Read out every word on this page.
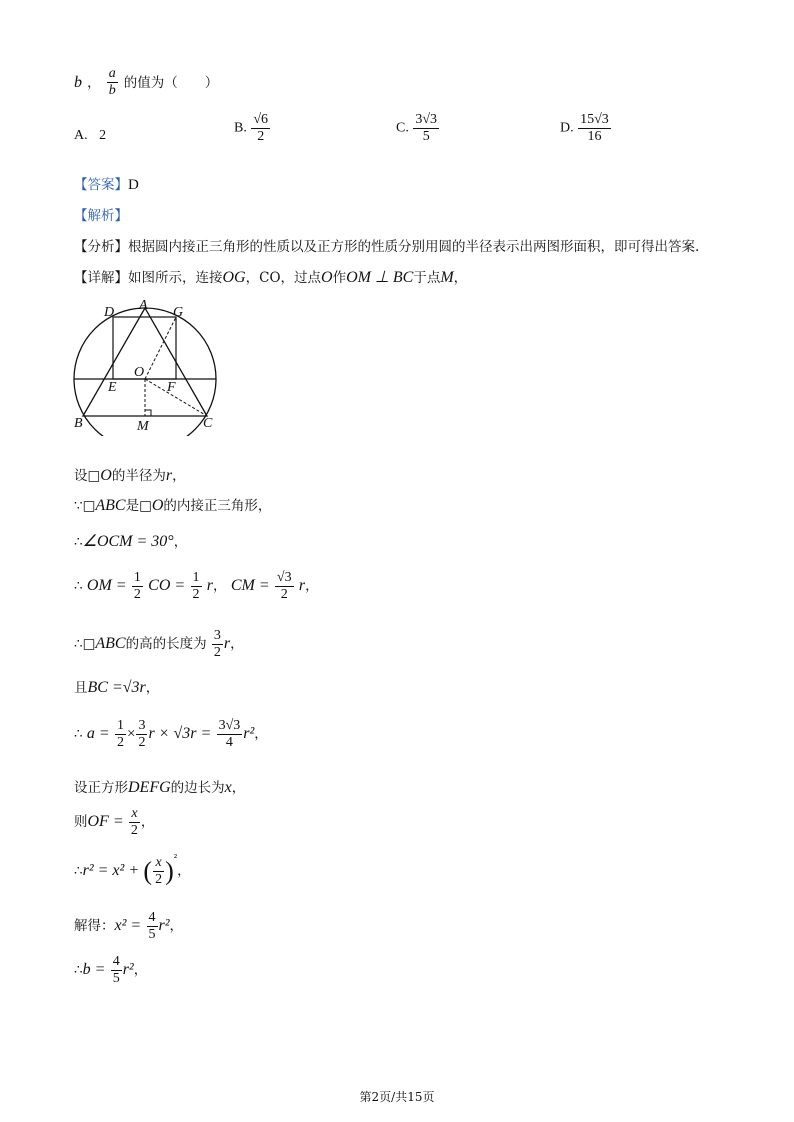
b ， $\frac{a}{b}$ 的值为（　　）
A. 2	B. $\frac{√6}{2}$	C. $\frac{3√3}{5}$	D. $\frac{15√3}{16}$
【答案】D
【解析】
【分析】根据圆内接正三角形的性质以及正方形的性质分别用圆的半径表示出两图形面积，即可得出答案.
【详解】如图所示，连接OG，CO，过点O作OM ⊥ BC于点M，
A
D	G
O
E	F
B	M	C
设□O的半径为r，
∵□ABC是□O的内接正三角形，
∴∠OCM = 30°，
∴ OM = $\frac{1}{2}$ CO = $\frac{1}{2}$ r， CM = $\frac{√3}{2}$ r，
∴□ABC的高的长度为 $\frac{3}{2}$ r，
且BC =√3r，
∴ $a = \frac{1}{2} \times \frac{3}{2}$ $r \times √3r = \frac{3√3}{4} r^2$，
设正方形DEFG的边长为x，
则OF = $\frac{x}{2}$ ，
∴r² = x² + ( $\frac{x}{2} )^{^2}$，
解得：$x^2 = \frac{4}{5} r^2$，
∴b = $\frac{4}{5} r^2$，
第2页/共15页
